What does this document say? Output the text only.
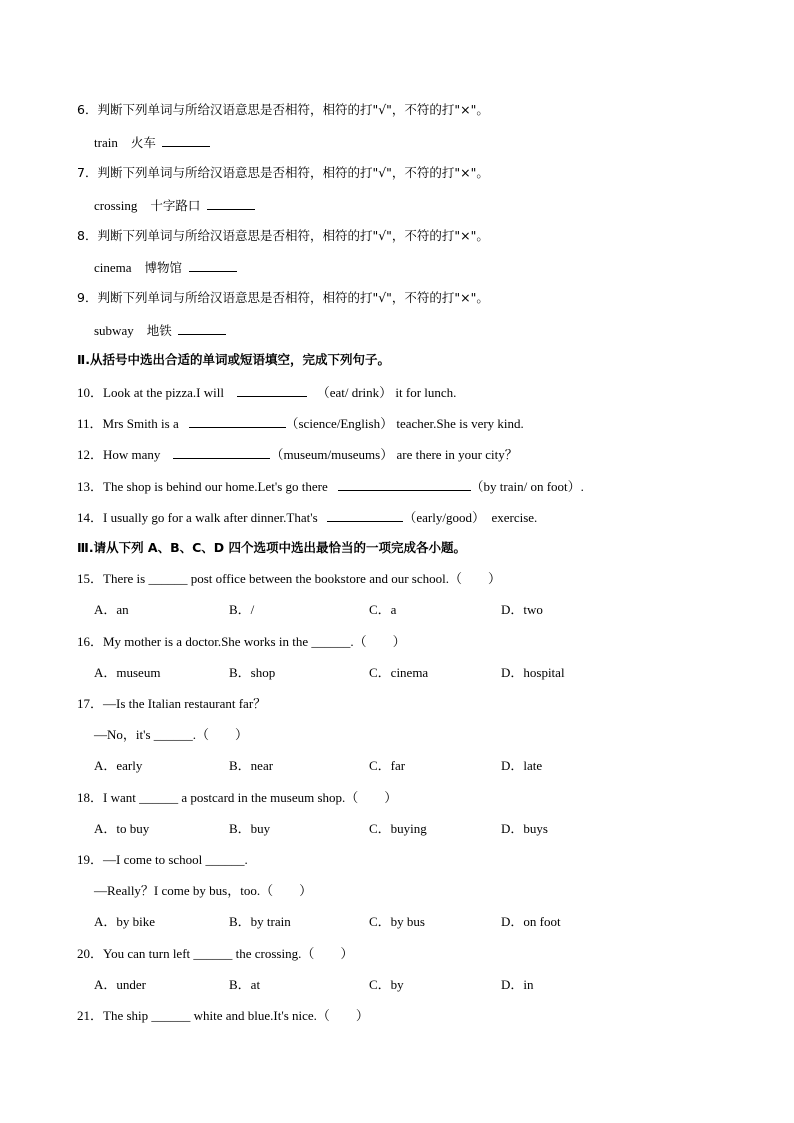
6．判断下列单词与所给汉语意思是否相符，相符的打"√"，不符的打"×"。
train 火车
7．判断下列单词与所给汉语意思是否相符，相符的打"√"，不符的打"×"。
crossing 十字路口
8．判断下列单词与所给汉语意思是否相符，相符的打"√"，不符的打"×"。
cinema 博物馆
9．判断下列单词与所给汉语意思是否相符，相符的打"√"，不符的打"×"。
subway 地铁
Ⅱ.从括号中选出合适的单词或短语填空，完成下列句子。
10．Look at the pizza.I will	（eat/ drink） it for lunch.
11．Mrs Smith is a	（science/English） teacher.She is very kind.
12．How many	（museum/museums） are there in your city？
13．The shop is behind our home.Let's go there	（by train/ on foot）.
14．I usually go for a walk after dinner.That's	（early/good） exercise.
Ⅲ.请从下列 A、B、C、D 四个选项中选出最恰当的一项完成各小题。
15．There is ______ post office between the bookstore and our school.（　　）
A．an	B．/	C．a	D．two
16．My mother is a doctor.She works in the ______.（　　）
A．museum	B．shop	C．cinema	D．hospital
17．—Is the Italian restaurant far？
—No，it's ______.（　　）
A．early	B．near	C．far	D．late
18．I want ______ a postcard in the museum shop.（　　）
A．to buy	B．buy	C．buying	D．buys
19．—I come to school ______.
—Really？I come by bus，too.（　　）
A．by bike	B．by train	C．by bus	D．on foot
20．You can turn left ______ the crossing.（　　）
A．under	B．at	C．by	D．in
21．The ship ______ white and blue.It's nice.（　　）
